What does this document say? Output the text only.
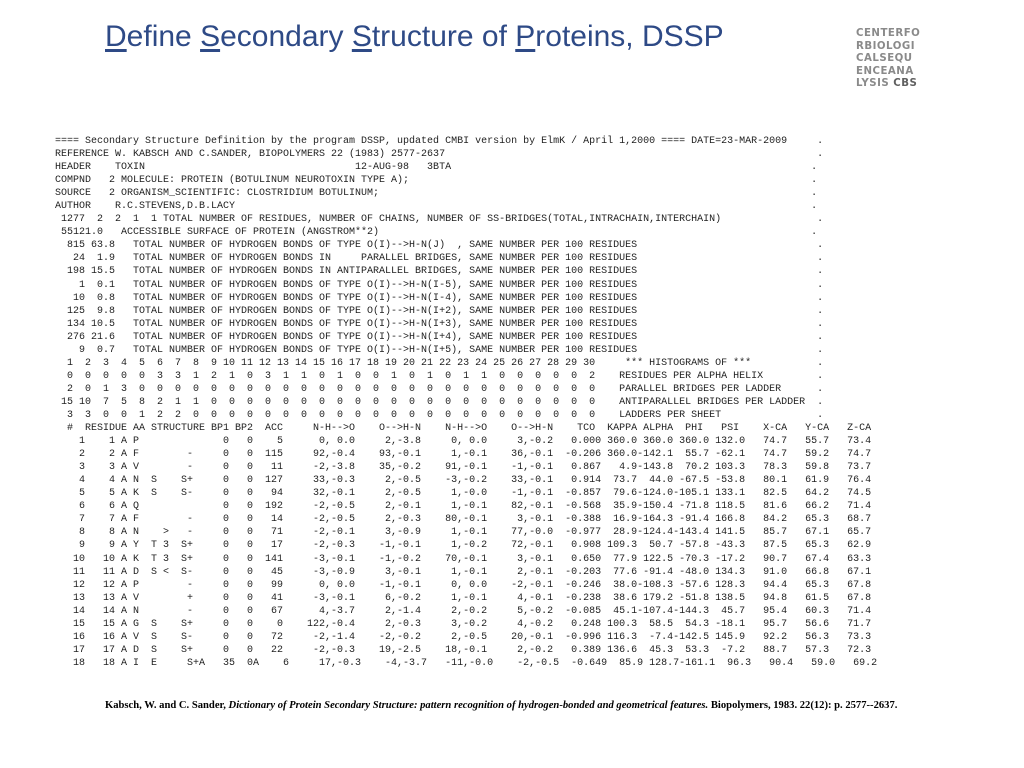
Define Secondary Structure of Proteins, DSSP	CENTERFO
RBIOLOGI
CALSEQU
ENCEANA
LYSIS CBS
==== Secondary Structure Definition by the program DSSP, updated CMBI version by ElmK / April 1,2000 ==== DATE=23-MAR-2009     .
REFERENCE W. KABSCH AND C.SANDER, BIOPOLYMERS 22 (1983) 2577-2637                                                              .
HEADER    TOXIN                                   12-AUG-98   3BTA                                                            .
COMPND   2 MOLECULE: PROTEIN (BOTULINUM NEUROTOXIN TYPE A);                                                                   .
SOURCE   2 ORGANISM_SCIENTIFIC: CLOSTRIDIUM BOTULINUM;                                                                        .
AUTHOR    R.C.STEVENS,D.B.LACY                                                                                                .
1277  2  2  1  1 TOTAL NUMBER OF RESIDUES, NUMBER OF CHAINS, NUMBER OF SS-BRIDGES(TOTAL,INTRACHAIN,INTERCHAIN)                .
55121.0   ACCESSIBLE SURFACE OF PROTEIN (ANGSTROM**2)                                                                        .
815 63.8   TOTAL NUMBER OF HYDROGEN BONDS OF TYPE O(I)-->H-N(J)  , SAME NUMBER PER 100 RESIDUES                              .
24  1.9   TOTAL NUMBER OF HYDROGEN BONDS IN     PARALLEL BRIDGES, SAME NUMBER PER 100 RESIDUES                              .
198 15.5   TOTAL NUMBER OF HYDROGEN BONDS IN ANTIPARALLEL BRIDGES, SAME NUMBER PER 100 RESIDUES                              .
1  0.1   TOTAL NUMBER OF HYDROGEN BONDS OF TYPE O(I)-->H-N(I-5), SAME NUMBER PER 100 RESIDUES                              .
10  0.8   TOTAL NUMBER OF HYDROGEN BONDS OF TYPE O(I)-->H-N(I-4), SAME NUMBER PER 100 RESIDUES                              .
125  9.8   TOTAL NUMBER OF HYDROGEN BONDS OF TYPE O(I)-->H-N(I+2), SAME NUMBER PER 100 RESIDUES                              .
134 10.5   TOTAL NUMBER OF HYDROGEN BONDS OF TYPE O(I)-->H-N(I+3), SAME NUMBER PER 100 RESIDUES                              .
276 21.6   TOTAL NUMBER OF HYDROGEN BONDS OF TYPE O(I)-->H-N(I+4), SAME NUMBER PER 100 RESIDUES                              .
9  0.7   TOTAL NUMBER OF HYDROGEN BONDS OF TYPE O(I)-->H-N(I+5), SAME NUMBER PER 100 RESIDUES                              .
1  2  3  4  5  6  7  8  9 10 11 12 13 14 15 16 17 18 19 20 21 22 23 24 25 26 27 28 29 30     *** HISTOGRAMS OF ***           .
0  0  0  0  0  3  3  1  2  1  0  3  1  1  0  1  0  0  1  0  1  0  1  1  0  0  0  0  0  2    RESIDUES PER ALPHA HELIX         .
2  0  1  3  0  0  0  0  0  0  0  0  0  0  0  0  0  0  0  0  0  0  0  0  0  0  0  0  0  0    PARALLEL BRIDGES PER LADDER      .
15 10  7  5  8  2  1  1  0  0  0  0  0  0  0  0  0  0  0  0  0  0  0  0  0  0  0  0  0  0    ANTIPARALLEL BRIDGES PER LADDER  .
3  3  0  0  1  2  2  0  0  0  0  0  0  0  0  0  0  0  0  0  0  0  0  0  0  0  0  0  0  0    LADDERS PER SHEET                .
#  RESIDUE AA STRUCTURE BP1 BP2  ACC     N-H-->O    O-->H-N    N-H-->O    O-->H-N    TCO  KAPPA ALPHA  PHI   PSI    X-CA   Y-CA   Z-CA
1    1 A P              0   0    5      0, 0.0     2,-3.8     0, 0.0     3,-0.2   0.000 360.0 360.0 360.0 132.0   74.7   55.7   73.4
2    2 A F        -     0   0  115     92,-0.4    93,-0.1     1,-0.1    36,-0.1  -0.206 360.0-142.1  55.7 -62.1   74.7   59.2   74.7
3    3 A V        -     0   0   11     -2,-3.8    35,-0.2    91,-0.1    -1,-0.1   0.867   4.9-143.8  70.2 103.3   78.3   59.8   73.7
4    4 A N  S    S+     0   0  127     33,-0.3     2,-0.5    -3,-0.2    33,-0.1   0.914  73.7  44.0 -67.5 -53.8   80.1   61.9   76.4
5    5 A K  S    S-     0   0   94     32,-0.1     2,-0.5     1,-0.0    -1,-0.1  -0.857  79.6-124.0-105.1 133.1   82.5   64.2   74.5
6    6 A Q              0   0  192     -2,-0.5     2,-0.1     1,-0.1    82,-0.1  -0.568  35.9-150.4 -71.8 118.5   81.6   66.2   71.4
7    7 A F        -     0   0   14     -2,-0.5     2,-0.3    80,-0.1     3,-0.1  -0.388  16.9-164.3 -91.4 166.8   84.2   65.3   68.7
8    8 A N    >   -     0   0   71     -2,-0.1     3,-0.9     1,-0.1    77,-0.0  -0.977  28.9-124.4-143.4 141.5   85.7   67.1   65.7
9    9 A Y  T 3  S+     0   0   17     -2,-0.3    -1,-0.1     1,-0.2    72,-0.1   0.908 109.3  50.7 -57.8 -43.3   87.5   65.3   62.9
10   10 A K  T 3  S+     0   0  141     -3,-0.1    -1,-0.2    70,-0.1     3,-0.1   0.650  77.9 122.5 -70.3 -17.2   90.7   67.4   63.3
11   11 A D  S <  S-     0   0   45     -3,-0.9     3,-0.1     1,-0.1     2,-0.1  -0.203  77.6 -91.4 -48.0 134.3   91.0   66.8   67.1
12   12 A P        -     0   0   99      0, 0.0    -1,-0.1     0, 0.0    -2,-0.1  -0.246  38.0-108.3 -57.6 128.3   94.4   65.3   67.8
13   13 A V        +     0   0   41     -3,-0.1     6,-0.2     1,-0.1     4,-0.1  -0.238  38.6 179.2 -51.8 138.5   94.8   61.5   67.8
14   14 A N        -     0   0   67      4,-3.7     2,-1.4     2,-0.2     5,-0.2  -0.085  45.1-107.4-144.3  45.7   95.4   60.3   71.4
15   15 A G  S    S+     0   0    0    122,-0.4     2,-0.3     3,-0.2     4,-0.2   0.248 100.3  58.5  54.3 -18.1   95.7   56.6   71.7
16   16 A V  S    S-     0   0   72     -2,-1.4    -2,-0.2     2,-0.5    20,-0.1  -0.996 116.3  -7.4-142.5 145.9   92.2   56.3   73.3
17   17 A D  S    S+     0   0   22     -2,-0.3    19,-2.5    18,-0.1     2,-0.2   0.389 136.6  45.3  53.3  -7.2   88.7   57.3   72.3
18   18 A I  E     S+A   35  0A    6     17,-0.3    -4,-3.7   -11,-0.0    -2,-0.5  -0.649  85.9 128.7-161.1  96.3   90.4   59.0   69.2
Kabsch, W. and C. Sander, Dictionary of Protein Secondary Structure: pattern recognition of hydrogen-bonded and geometrical features. Biopolymers, 1983. 22(12): p. 2577--2637.
